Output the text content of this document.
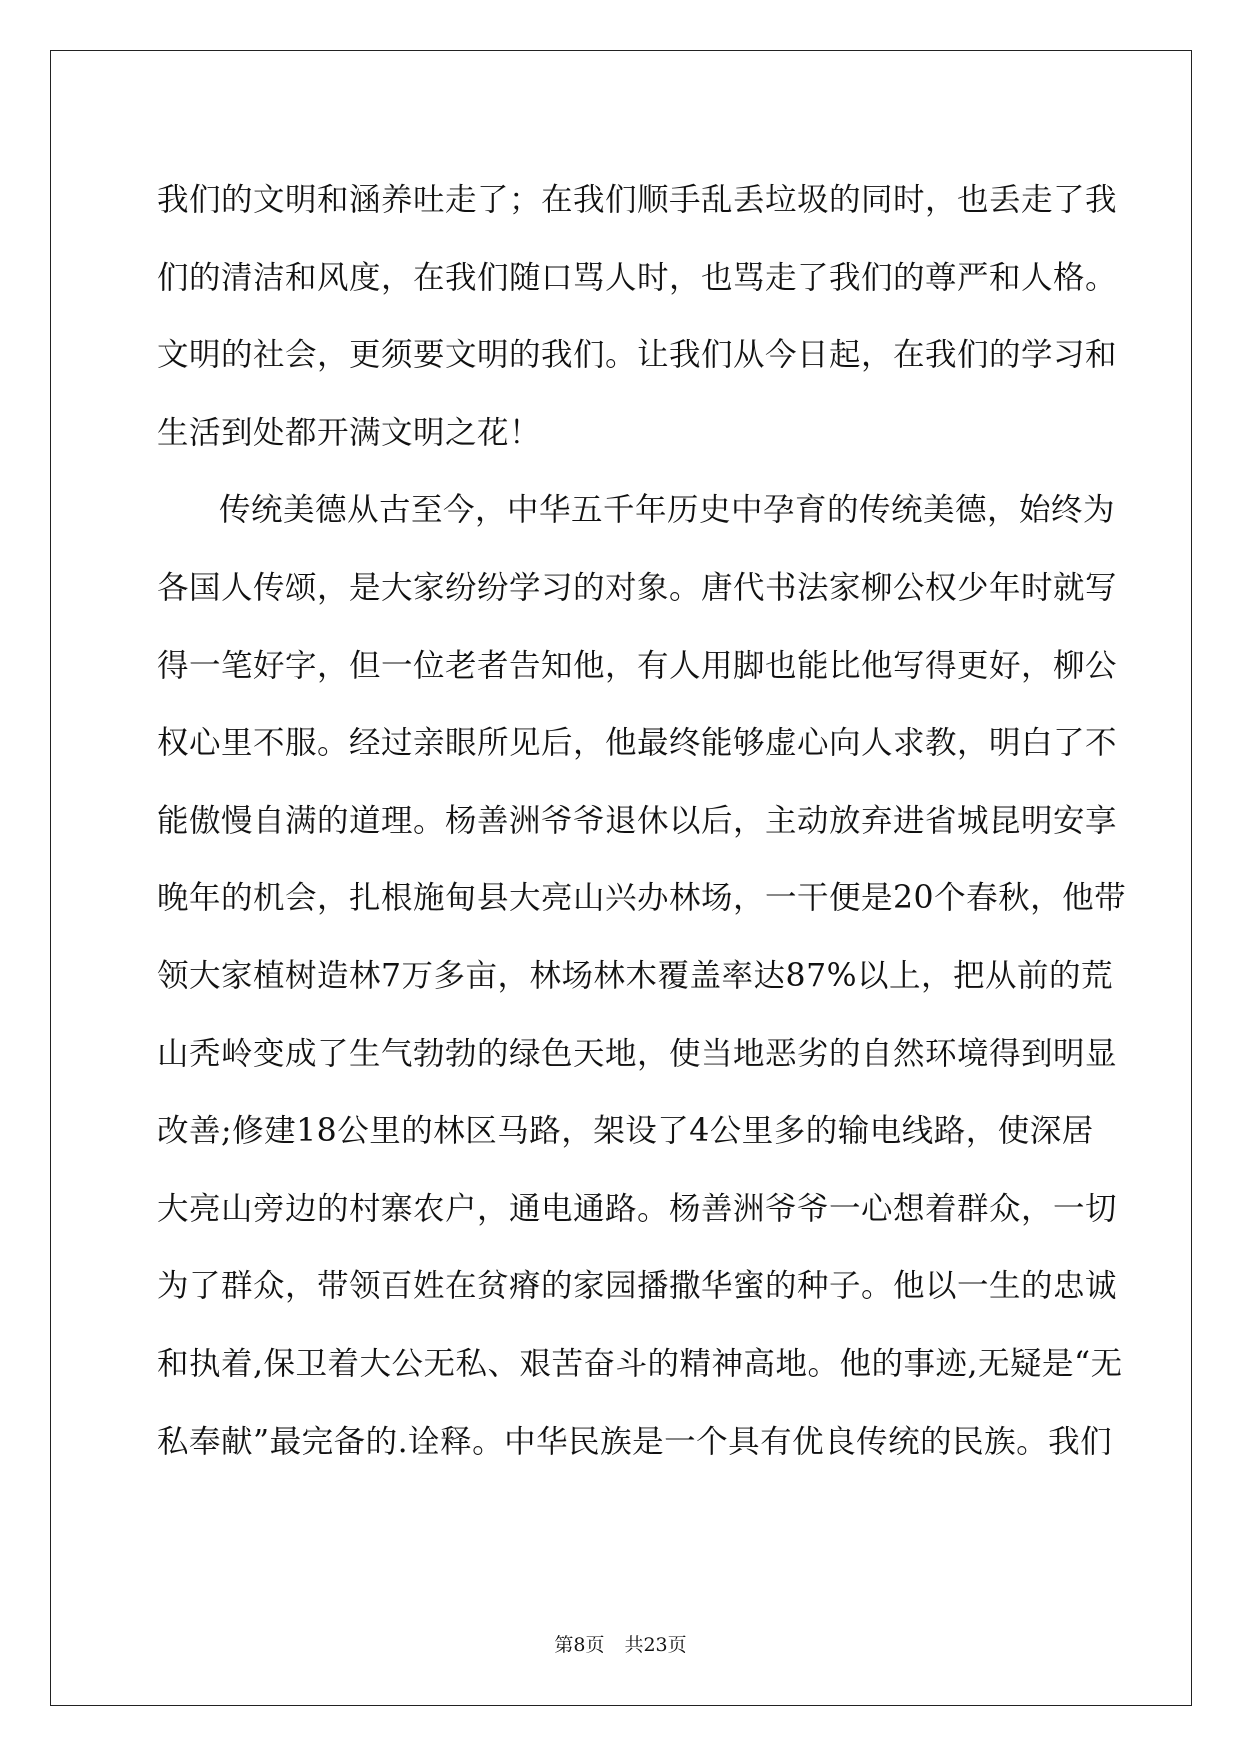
我们的文明和涵养吐走了；在我们顺手乱丢垃圾的同时，也丢走了我
们的清洁和风度，在我们随口骂人时，也骂走了我们的尊严和人格。
文明的社会，更须要文明的我们。让我们从今日起，在我们的学习和
生活到处都开满文明之花！
传统美德从古至今，中华五千年历史中孕育的传统美德，始终为
各国人传颂，是大家纷纷学习的对象。唐代书法家柳公权少年时就写
得一笔好字，但一位老者告知他，有人用脚也能比他写得更好，柳公
权心里不服。经过亲眼所见后，他最终能够虚心向人求教，明白了不
能傲慢自满的道理。杨善洲爷爷退休以后，主动放弃进省城昆明安享
晚年的机会，扎根施甸县大亮山兴办林场，一干便是20个春秋，他带
领大家植树造林7万多亩，林场林木覆盖率达87%以上，把从前的荒
山秃岭变成了生气勃勃的绿色天地，使当地恶劣的自然环境得到明显
改善;修建18公里的林区马路，架设了4公里多的输电线路，使深居
大亮山旁边的村寨农户，通电通路。杨善洲爷爷一心想着群众，一切
为了群众，带领百姓在贫瘠的家园播撒华蜜的种子。他以一生的忠诚
和执着,保卫着大公无私、艰苦奋斗的精神高地。他的事迹,无疑是“无
私奉献”最完备的.诠释。中华民族是一个具有优良传统的民族。我们
第8页 共23页
